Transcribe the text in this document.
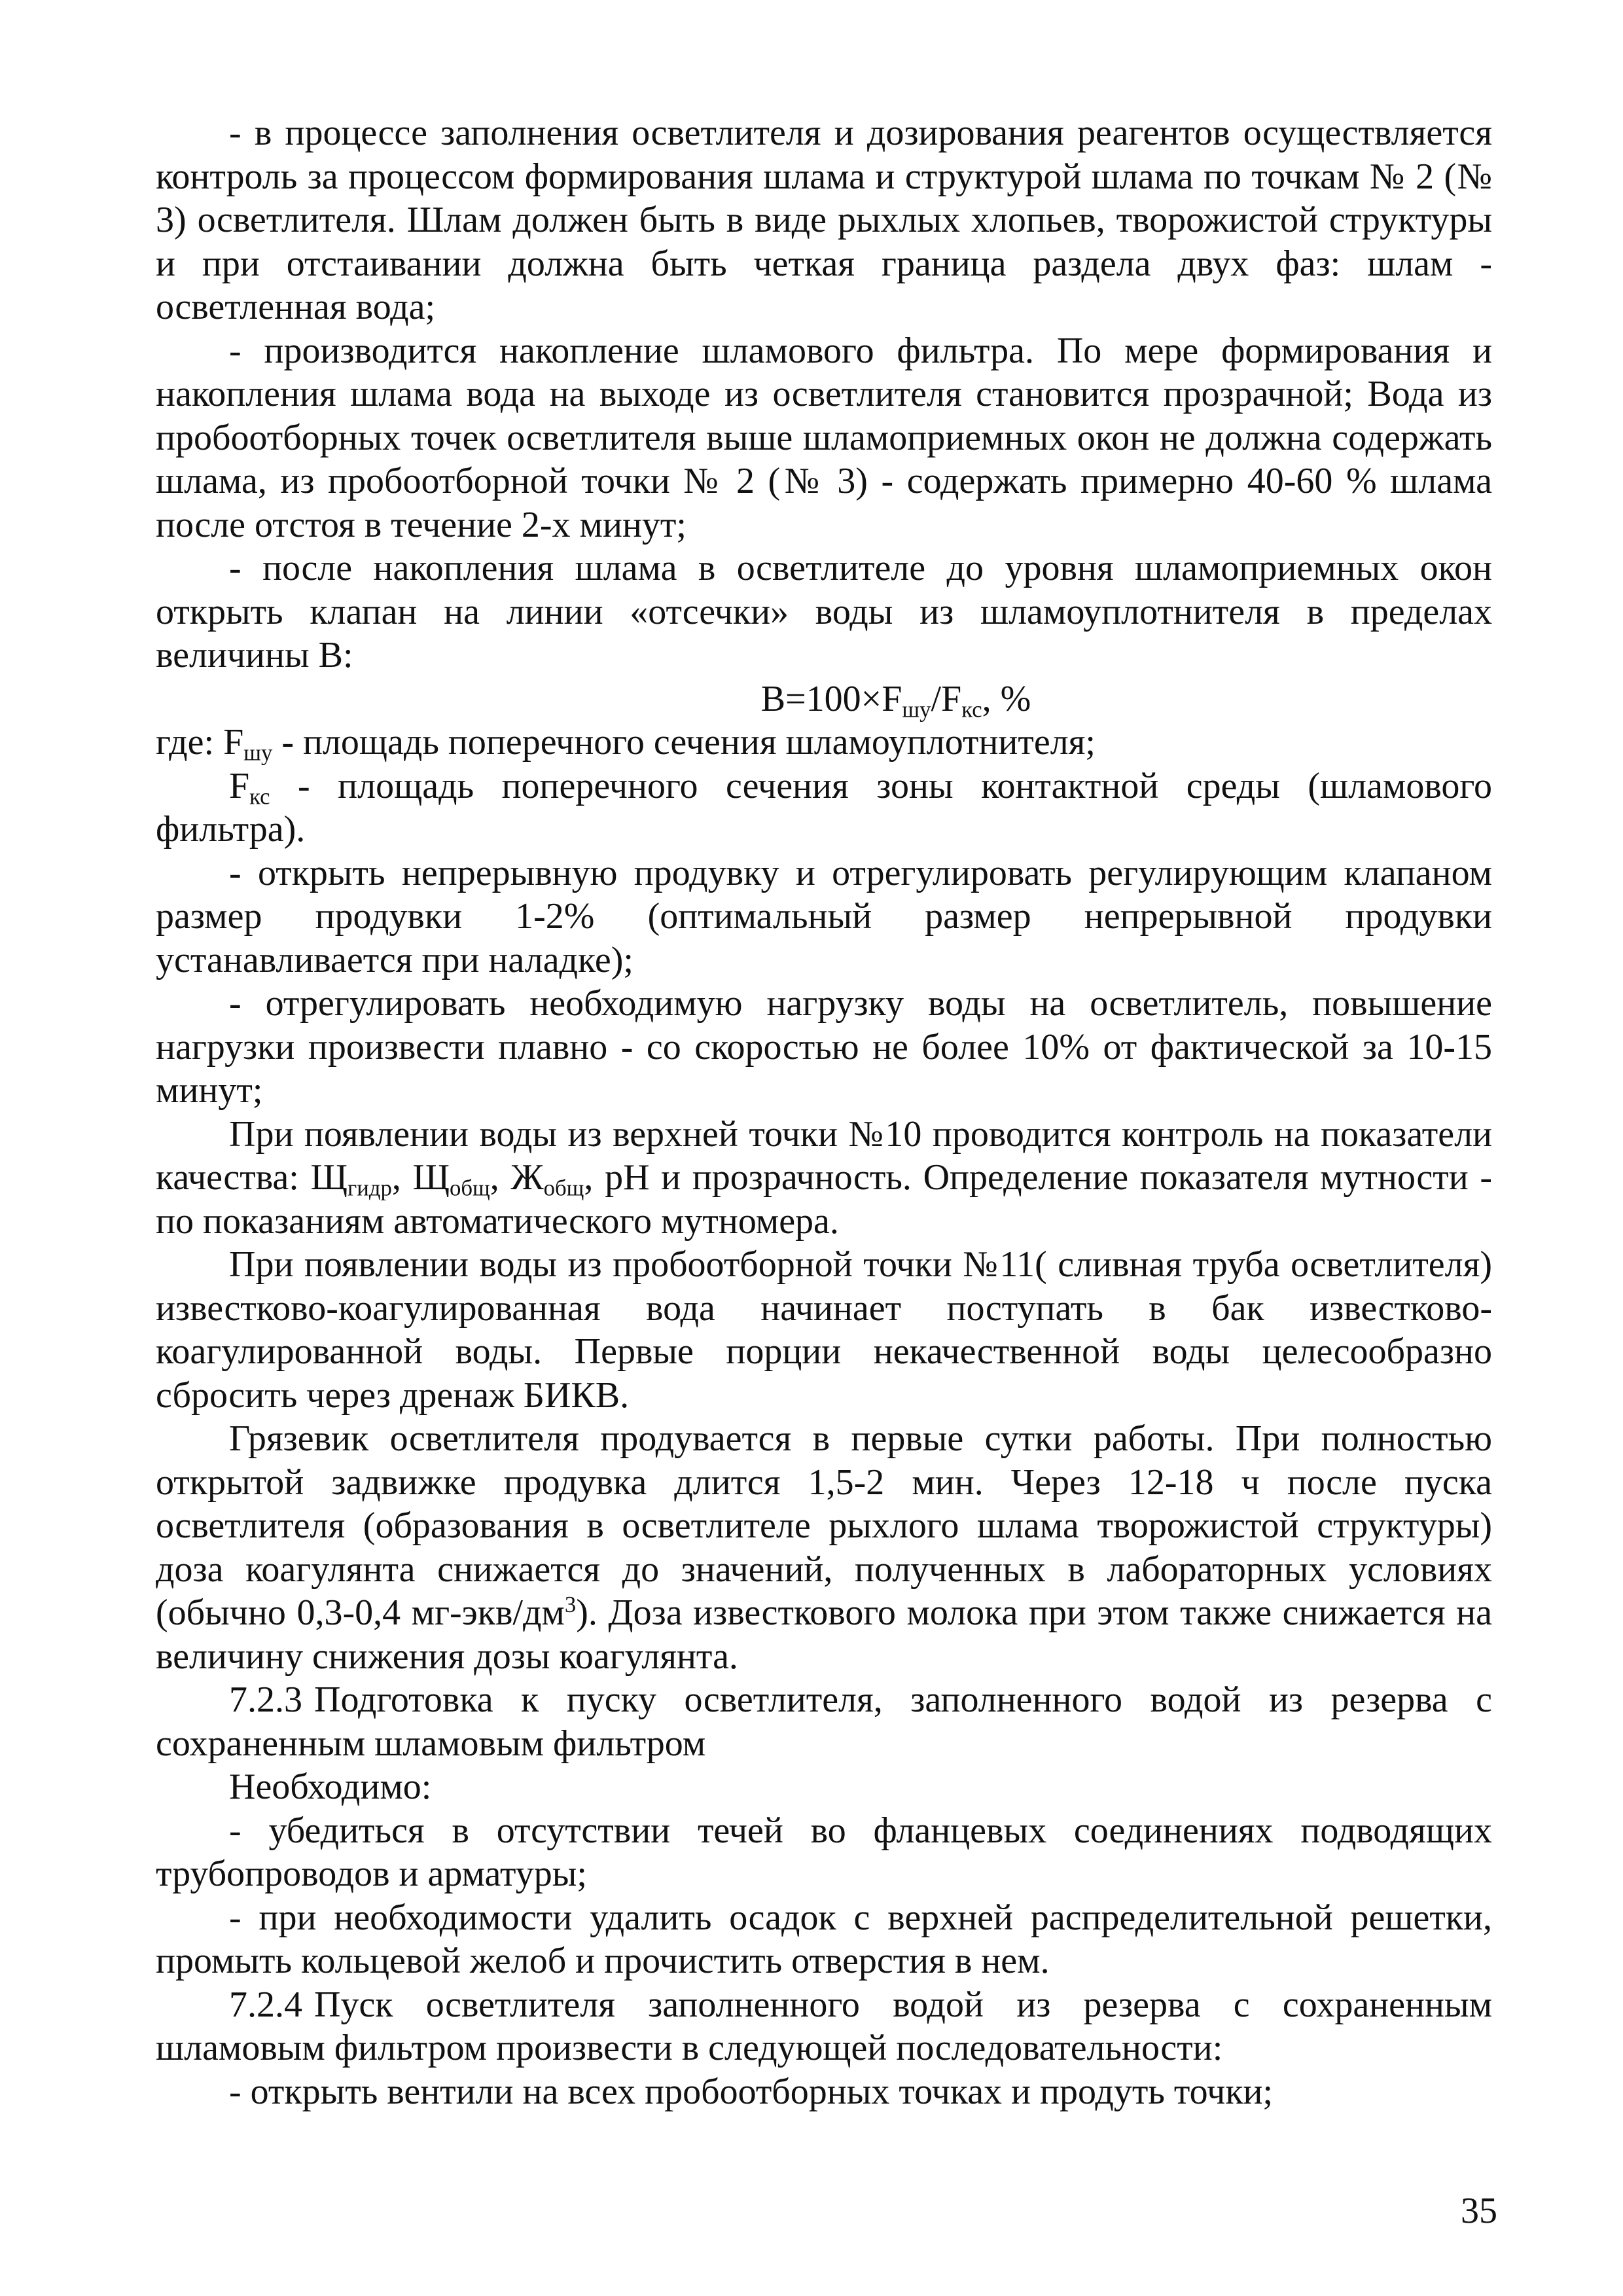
- в процессе заполнения осветлителя и дозирования реагентов осуществляется контроль за процессом формирования шлама и структурой шлама по точкам № 2 (№ 3) осветлителя. Шлам должен быть в виде рыхлых хлопьев, творожистой структуры и при отстаивании должна быть четкая граница раздела двух фаз: шлам - осветленная вода;

- производится накопление шламового фильтра. По мере формирования и накопления шлама вода на выходе из осветлителя становится прозрачной; Вода из пробоотборных точек осветлителя выше шламоприемных окон не должна содержать шлама, из пробоотборной точки № 2 (№ 3) - содержать примерно 40-60 % шлама после отстоя в течение 2-х минут;

- после накопления шлама в осветлителе до уровня шламоприемных окон открыть клапан на линии «отсечки» воды из шламоуплотнителя в пределах величины В:

$В=100\times F_{шу}/F_{кс}$, %

где: $F_{шу}$ - площадь поперечного сечения шламоуплотнителя;

$F_{кс}$ - площадь поперечного сечения зоны контактной среды (шламового фильтра).

- открыть непрерывную продувку и отрегулировать регулирующим клапаном размер продувки 1-2% (оптимальный размер непрерывной продувки устанавливается при наладке);

- отрегулировать необходимую нагрузку воды на осветлитель, повышение нагрузки произвести плавно - со скоростью не более 10% от фактической за 10-15 минут;

При появлении воды из верхней точки №10 проводится контроль на показатели качества: $Щ_{гидр}$, $Щ_{общ}$, $Ж_{общ}$, рН и прозрачность. Определение показателя мутности - по показаниям автоматического мутномера.

При появлении воды из пробоотборной точки №11( сливная труба осветлителя) известково-коагулированная вода начинает поступать в бак известково-коагулированной воды. Первые порции некачественной воды целесообразно сбросить через дренаж БИКВ.

Грязевик осветлителя продувается в первые сутки работы. При полностью открытой задвижке продувка длится 1,5-2 мин. Через 12-18 ч после пуска осветлителя (образования в осветлителе рыхлого шлама творожистой структуры) доза коагулянта снижается до значений, полученных в лабораторных условиях (обычно 0,3-0,4 $мг-экв/дм^3$). Доза известкового молока при этом также снижается на величину снижения дозы коагулянта.

7.2.3 Подготовка к пуску осветлителя, заполненного водой из резерва с сохраненным шламовым фильтром

Необходимо:

- убедиться в отсутствии течей во фланцевых соединениях подводящих трубопроводов и арматуры;

- при необходимости удалить осадок с верхней распределительной решетки, промыть кольцевой желоб и прочистить отверстия в нем.

7.2.4 Пуск осветлителя заполненного водой из резерва с сохраненным шламовым фильтром произвести в следующей последовательности:

- открыть вентили на всех пробоотборных точках и продуть точки;

35
